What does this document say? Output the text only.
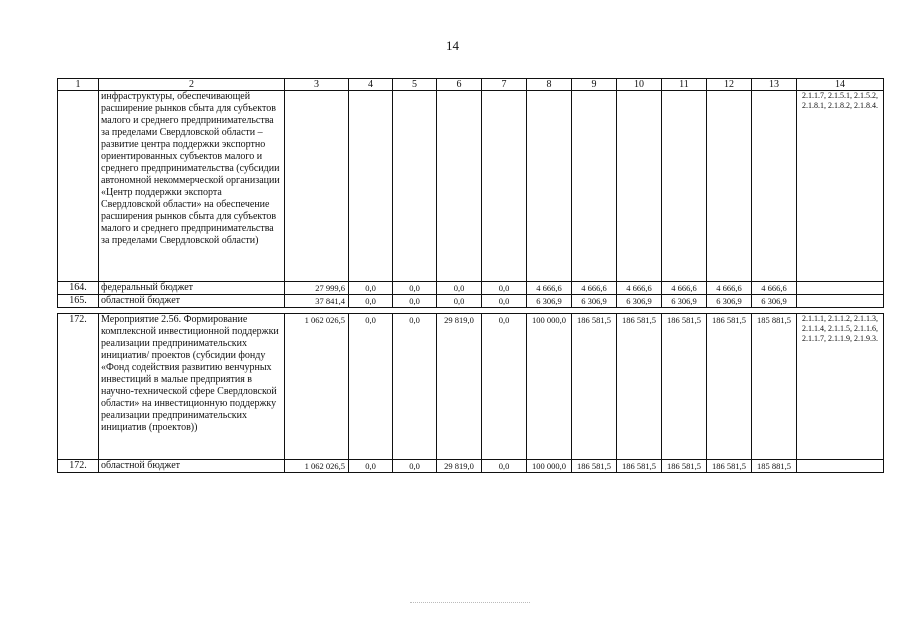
14
1	2	3	4	5	6	7	8	9	10	11	12	13	14
	инфраструктуры, обеспечивающей расширение рынков сбыта для субъектов малого и среднего предпринимательства за пределами Свердловской области – развитие центра поддержки экспортно ориентированных субъектов малого и среднего предпринимательства (субсидии автономной некоммерческой организации «Центр поддержки экспорта Свердловской области» на обеспечение расширения рынков сбыта для субъектов малого и среднего предпринимательства за пределами Свердловской области)												2.1.1.7, 2.1.5.1, 2.1.5.2, 2.1.8.1, 2.1.8.2, 2.1.8.4.
164.	федеральный бюджет	27 999,6	0,0	0,0	0,0	0,0	4 666,6	4 666,6	4 666,6	4 666,6	4 666,6	4 666,6	
165.	областной бюджет	37 841,4	0,0	0,0	0,0	0,0	6 306,9	6 306,9	6 306,9	6 306,9	6 306,9	6 306,9	
172.	Мероприятие 2.56. Формирование комплексной инвестиционной поддержки реализации предпринимательских инициатив/ проектов (субсидии фонду «Фонд содействия развитию венчурных инвестиций в малые предприятия в научно-технической сфере Свердловской области» на инвестиционную поддержку реализации предпринимательских инициатив (проектов))	1 062 026,5	0,0	0,0	29 819,0	0,0	100 000,0	186 581,5	186 581,5	186 581,5	186 581,5	185 881,5	2.1.1.1, 2.1.1.2, 2.1.1.3, 2.1.1.4, 2.1.1.5, 2.1.1.6, 2.1.1.7, 2.1.1.9, 2.1.9.3.
172.	областной бюджет	1 062 026,5	0,0	0,0	29 819,0	0,0	100 000,0	186 581,5	186 581,5	186 581,5	186 581,5	185 881,5	
